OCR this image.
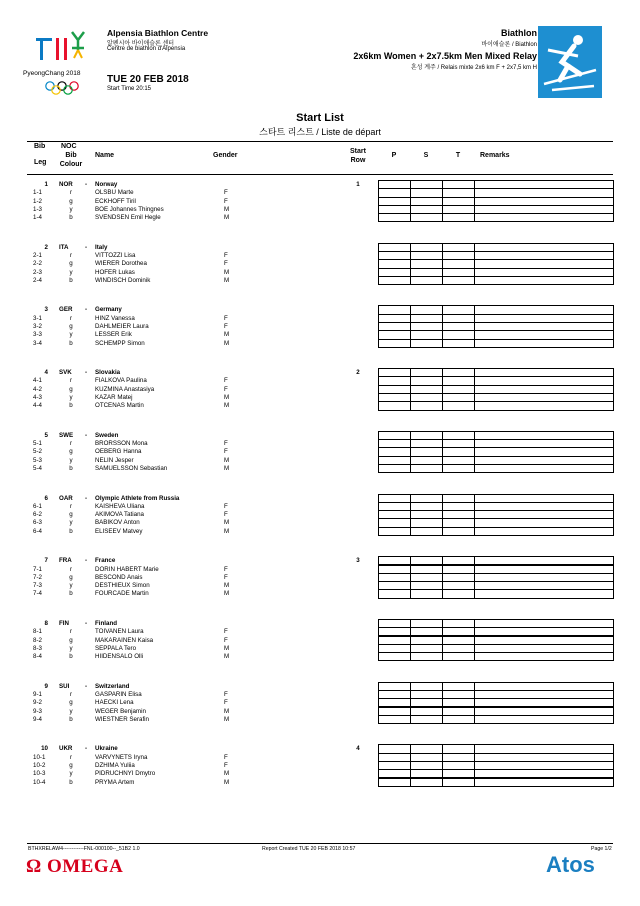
PyeongChang 2018
Alpensia Biathlon Centre
알펜시아 바이애슬론 센터
Centre de biathlon d'Alpensia
TUE 20 FEB 2018
Start Time 20:15
Biathlon
바이애슬론 / Biathlon
2x6km Women + 2x7.5km Men Mixed Relay
혼성 계주 / Relais mixte 2x6 km F + 2x7,5 km H
Start List
스타트 리스트 / Liste de départ
Bib
Leg
NOC
Bib
Colour
Name	Gender
Start
Row
P	S	T	Remarks
1 NOR - Norway	1
1-1	r	OLSBU Marte	F
1-2	g	ECKHOFF Tiril	F
1-3	y	BOE Johannes Thingnes	M
1-4	b	SVENDSEN Emil Hegle	M
2 ITA	- Italy
2-1	r	VITTOZZI Lisa	F
2-2	g	WIERER Dorothea	F
2-3	y	HOFER Lukas	M
2-4	b	WINDISCH Dominik	M
3 GER - Germany
3-1	r	HINZ Vanessa	F
3-2	g	DAHLMEIER Laura	F
3-3	y	LESSER Erik	M
3-4	b	SCHEMPP Simon	M
4 SVK - Slovakia	2
4-1	r	FIALKOVA Paulina	F
4-2	g	KUZMINA Anastasiya	F
4-3	y	KAZAR Matej	M
4-4	b	OTCENAS Martin	M
5 SWE - Sweden
5-1	r	BRORSSON Mona	F
5-2	g	OEBERG Hanna	F
5-3	y	NELIN Jesper	M
5-4	b	SAMUELSSON Sebastian	M
6 OAR - Olympic Athlete from Russia
6-1	r	KAISHEVA Uliana	F
6-2	g	AKIMOVA Tatiana	F
6-3	y	BABIKOV Anton	M
6-4	b	ELISEEV Matvey	M
7 FRA - France	3
7-1	r	DORIN HABERT Marie	F
7-2	g	BESCOND Anais	F
7-3	y	DESTHIEUX Simon	M
7-4	b	FOURCADE Martin	M
8 FIN	- Finland
8-1	r	TOIVANEN Laura	F
8-2	g	MAKARAINEN Kaisa	F
8-3	y	SEPPALA Tero	M
8-4	b	HIIDENSALO Olli	M
9 SUI	- Switzerland
9-1	r	GASPARIN Elisa	F
9-2	g	HAECKI Lena	F
9-3	y	WEGER Benjamin	M
9-4	b	WIESTNER Serafin	M
10 UKR - Ukraine	4
10-1	r	VARVYNETS Iryna	F
10-2	g	DZHIMA Yuliia	F
10-3	y	PIDRUCHNYI Dmytro	M
10-4	b	PRYMA Artem	M
BTHXRELAW4------------FNL-000100--_51B2 1.0	Report Created TUE 20 FEB 2018 10:57	Page 1/2
Ω OMEGA	Atos
